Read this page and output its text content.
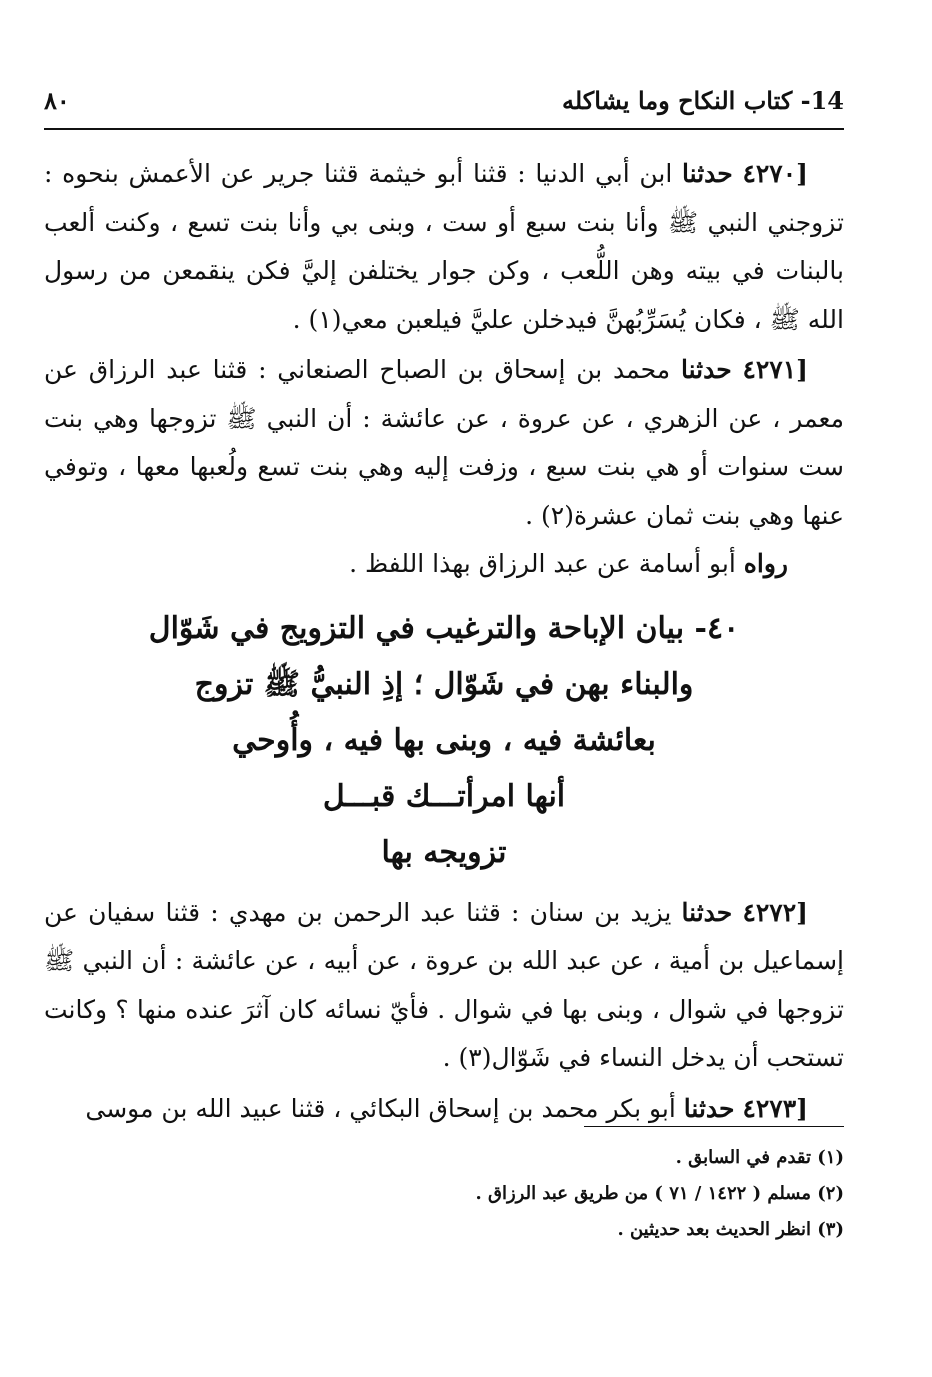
14- كتاب النكاح وما يشاكله
٨٠

[٤٢٧٠ حدثنا ابن أبي الدنيا : قثنا أبو خيثمة قثنا جرير عن الأعمش بنحوه : تزوجني النبي ﷺ وأنا بنت سبع أو ست ، وبنى بي وأنا بنت تسع ، وكنت ألعب بالبنات في بيته وهن اللُّعب ، وكن جوار يختلفن إليَّ فكن ينقمعن من رسول الله ﷺ ، فكان يُسَرِّبُهنَّ فيدخلن عليَّ فيلعبن معي(١) .

[٤٢٧١ حدثنا محمد بن إسحاق بن الصباح الصنعاني : قثنا عبد الرزاق عن معمر ، عن الزهري ، عن عروة ، عن عائشة : أن النبي ﷺ تزوجها وهي بنت ست سنوات أو هي بنت سبع ، وزفت إليه وهي بنت تسع ولُعبها معها ، وتوفي عنها وهي بنت ثمان عشرة(٢) .

رواه أبو أسامة عن عبد الرزاق بهذا اللفظ .

٤٠- بيان الإباحة والترغيب في التزويج في شَوّال
والبناء بهن في شَوّال ؛ إذِ النبيُّ ﷺ تزوج
بعائشة فيه ، وبنى بها فيه ، وأُوحي
أنها امرأتـــك قبـــل
تزويجه بها

[٤٢٧٢ حدثنا يزيد بن سنان : قثنا عبد الرحمن بن مهدي : قثنا سفيان عن إسماعيل بن أمية ، عن عبد الله بن عروة ، عن أبيه ، عن عائشة : أن النبي ﷺ تزوجها في شوال ، وبنى بها في شوال . فأيّ نسائه كان آثرَ عنده منها ؟ وكانت تستحب أن يدخل النساء في شَوّال(٣) .

[٤٢٧٣ حدثنا أبو بكر محمد بن إسحاق البكائي ، قثنا عبيد الله بن موسى

(١) تقدم في السابق .

(٢) مسلم ( ١٤٢٢ / ٧١ ) من طريق عبد الرزاق .

(٣) انظر الحديث بعد حديثين .
